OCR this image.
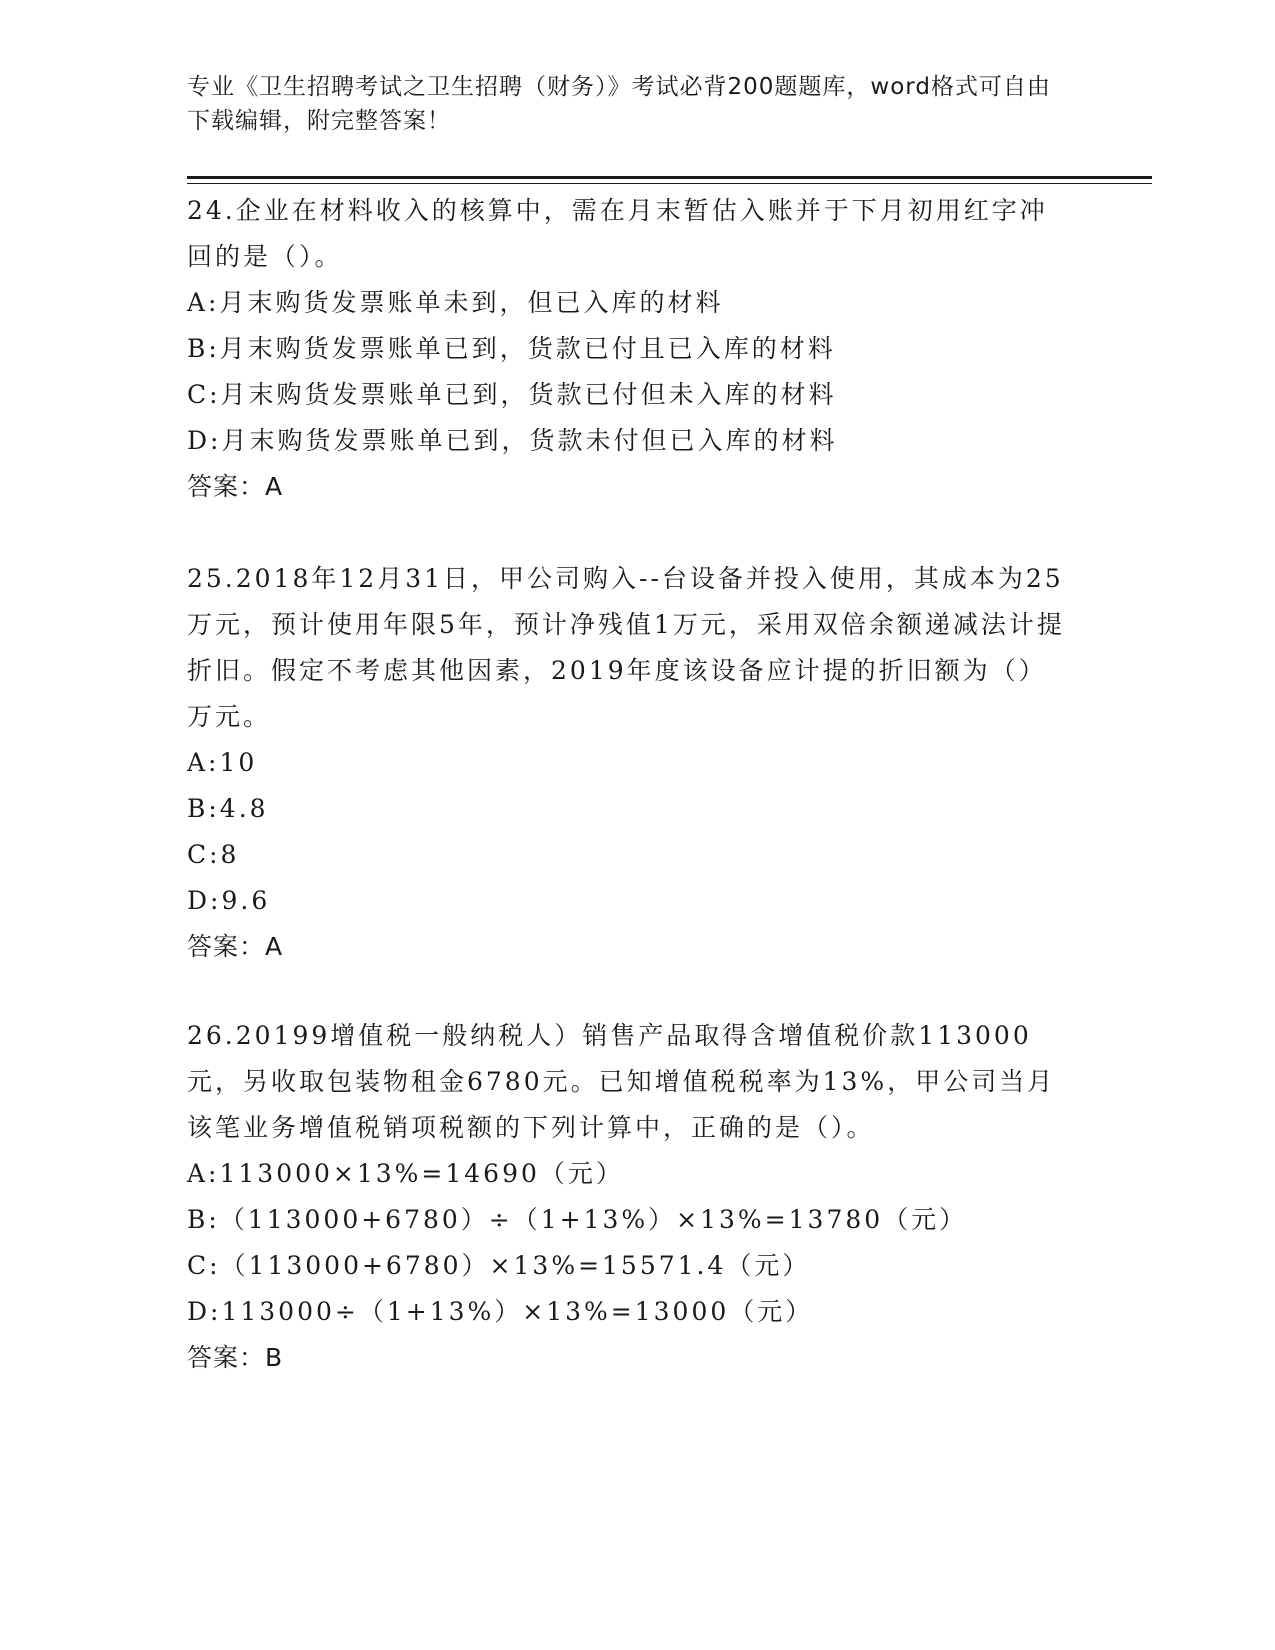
专业《卫生招聘考试之卫生招聘（财务）》考试必背200题题库，word格式可自由下载编辑，附完整答案！

24.企业在材料收入的核算中，需在月末暂估入账并于下月初用红字冲回的是（）。

A:月末购货发票账单未到，但已入库的材料

B:月末购货发票账单已到，货款已付且已入库的材料

C:月末购货发票账单已到，货款已付但未入库的材料

D:月末购货发票账单已到，货款未付但已入库的材料

答案：A

25.2018年12月31日，甲公司购入--台设备并投入使用，其成本为25万元，预计使用年限5年，预计净残值1万元，采用双倍余额递减法计提折旧。假定不考虑其他因素，2019年度该设备应计提的折旧额为（）万元。

A:10

B:4.8

C:8

D:9.6

答案：A

26.20199增值税一般纳税人）销售产品取得含增值税价款113000元，另收取包装物租金6780元。已知增值税税率为13%，甲公司当月该笔业务增值税销项税额的下列计算中，正确的是（）。

A:113000×13%=14690（元）

B:（113000+6780）÷（1+13%）×13%=13780（元）

C:（113000+6780）×13%=15571.4（元）

D:113000÷（1+13%）×13%=13000（元）

答案：B
